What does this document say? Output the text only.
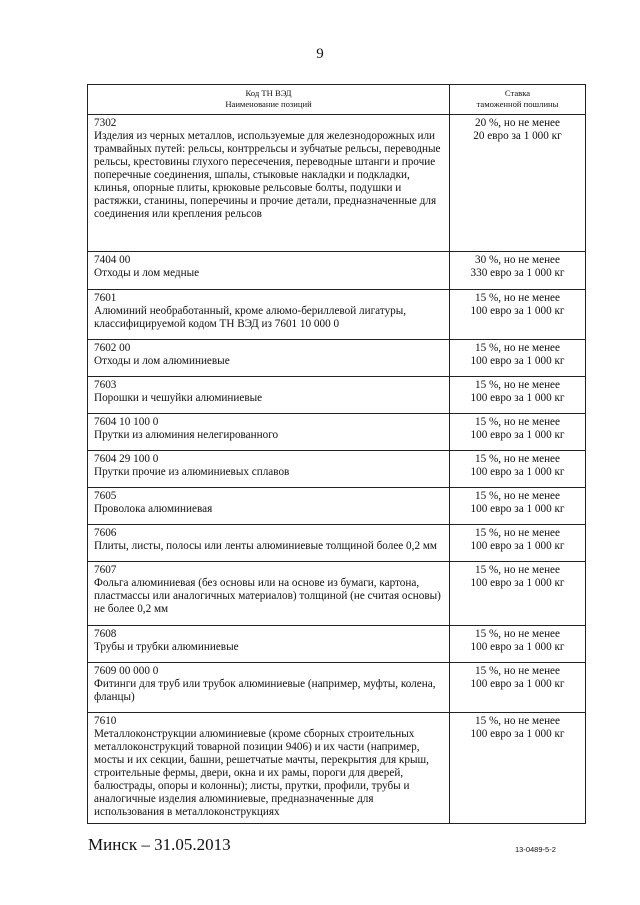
9
Код ТН ВЭД
Наименование позиций	Ставка
таможенной пошлины

7302
Изделия из черных металлов, используемые для железнодорожных или трамвайных путей: рельсы, контррельсы и зубчатые рельсы, переводные рельсы, крестовины глухого пересечения, переводные штанги и прочие поперечные соединения, шпалы, стыковые накладки и подкладки, клинья, опорные плиты, крюковые рельсовые болты, подушки и растяжки, станины, поперечины и прочие детали, предназначенные для соединения или крепления рельсов	20 %, но не менее
20 евро за 1 000 кг

7404 00
Отходы и лом медные	30 %, но не менее
330 евро за 1 000 кг

7601
Алюминий необработанный, кроме алюмо-бериллевой лигатуры, классифицируемой кодом ТН ВЭД из 7601 10 000 0	15 %, но не менее
100 евро за 1 000 кг

7602 00
Отходы и лом алюминиевые	15 %, но не менее
100 евро за 1 000 кг

7603
Порошки и чешуйки алюминиевые	15 %, но не менее
100 евро за 1 000 кг

7604 10 100 0
Прутки из алюминия нелегированного	15 %, но не менее
100 евро за 1 000 кг

7604 29 100 0
Прутки прочие из алюминиевых сплавов	15 %, но не менее
100 евро за 1 000 кг

7605
Проволока алюминиевая	15 %, но не менее
100 евро за 1 000 кг

7606
Плиты, листы, полосы или ленты алюминиевые толщиной более 0,2 мм	15 %, но не менее
100 евро за 1 000 кг

7607
Фольга алюминиевая (без основы или на основе из бумаги, картона, пластмассы или аналогичных материалов) толщиной (не считая основы) не более 0,2 мм	15 %, но не менее
100 евро за 1 000 кг

7608
Трубы и трубки алюминиевые	15 %, но не менее
100 евро за 1 000 кг

7609 00 000 0
Фитинги для труб или трубок алюминиевые (например, муфты, колена, фланцы)	15 %, но не менее
100 евро за 1 000 кг

7610
Металлоконструкции алюминиевые (кроме сборных строительных металлоконструкций товарной позиции 9406) и их части (например, мосты и их секции, башни, решетчатые мачты, перекрытия для крыш, строительные фермы, двери, окна и их рамы, пороги для дверей, балюстрады, опоры и колонны); листы, прутки, профили, трубы и аналогичные изделия алюминиевые, предназначенные для использования в металлоконструкциях	15 %, но не менее
100 евро за 1 000 кг
Минск – 31.05.2013	13-0489-5-2
